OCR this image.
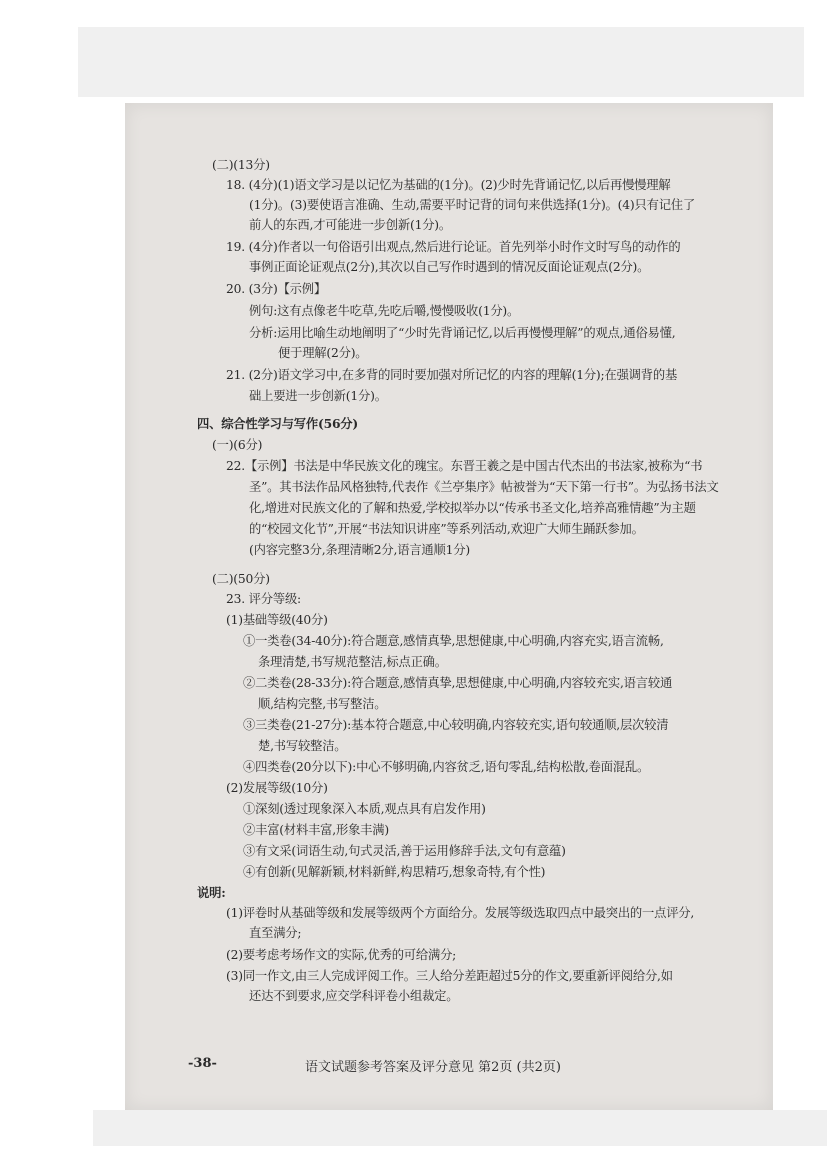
(二)(13分)
18. (4分)(1)语文学习是以记忆为基础的(1分)。(2)少时先背诵记忆,以后再慢慢理解
(1分)。(3)要使语言准确、生动,需要平时记背的词句来供选择(1分)。(4)只有记住了
前人的东西,才可能进一步创新(1分)。
19. (4分)作者以一句俗语引出观点,然后进行论证。首先列举小时作文时写鸟的动作的
事例正面论证观点(2分),其次以自己写作时遇到的情况反面论证观点(2分)。
20. (3分)【示例】
例句:这有点像老牛吃草,先吃后嚼,慢慢吸收(1分)。
分析:运用比喻生动地阐明了“少时先背诵记忆,以后再慢慢理解”的观点,通俗易懂,
便于理解(2分)。
21. (2分)语文学习中,在多背的同时要加强对所记忆的内容的理解(1分);在强调背的基
础上要进一步创新(1分)。
四、综合性学习与写作(56分)
(一)(6分)
22.【示例】书法是中华民族文化的瑰宝。东晋王羲之是中国古代杰出的书法家,被称为“书
圣”。其书法作品风格独特,代表作《兰亭集序》帖被誉为“天下第一行书”。为弘扬书法文
化,增进对民族文化的了解和热爱,学校拟举办以“传承书圣文化,培养高雅情趣”为主题
的“校园文化节”,开展“书法知识讲座”等系列活动,欢迎广大师生踊跃参加。
(内容完整3分,条理清晰2分,语言通顺1分)
(二)(50分)
23. 评分等级:
(1)基础等级(40分)
①一类卷(34-40分):符合题意,感情真挚,思想健康,中心明确,内容充实,语言流畅,
条理清楚,书写规范整洁,标点正确。
②二类卷(28-33分):符合题意,感情真挚,思想健康,中心明确,内容较充实,语言较通
顺,结构完整,书写整洁。
③三类卷(21-27分):基本符合题意,中心较明确,内容较充实,语句较通顺,层次较清
楚,书写较整洁。
④四类卷(20分以下):中心不够明确,内容贫乏,语句零乱,结构松散,卷面混乱。
(2)发展等级(10分)
①深刻(透过现象深入本质,观点具有启发作用)
②丰富(材料丰富,形象丰满)
③有文采(词语生动,句式灵活,善于运用修辞手法,文句有意蕴)
④有创新(见解新颖,材料新鲜,构思精巧,想象奇特,有个性)
说明:
(1)评卷时从基础等级和发展等级两个方面给分。发展等级选取四点中最突出的一点评分,
直至满分;
(2)要考虑考场作文的实际,优秀的可给满分;
(3)同一作文,由三人完成评阅工作。三人给分差距超过5分的作文,要重新评阅给分,如
还达不到要求,应交学科评卷小组裁定。
-38-	语文试题参考答案及评分意见 第2页 (共2页)
